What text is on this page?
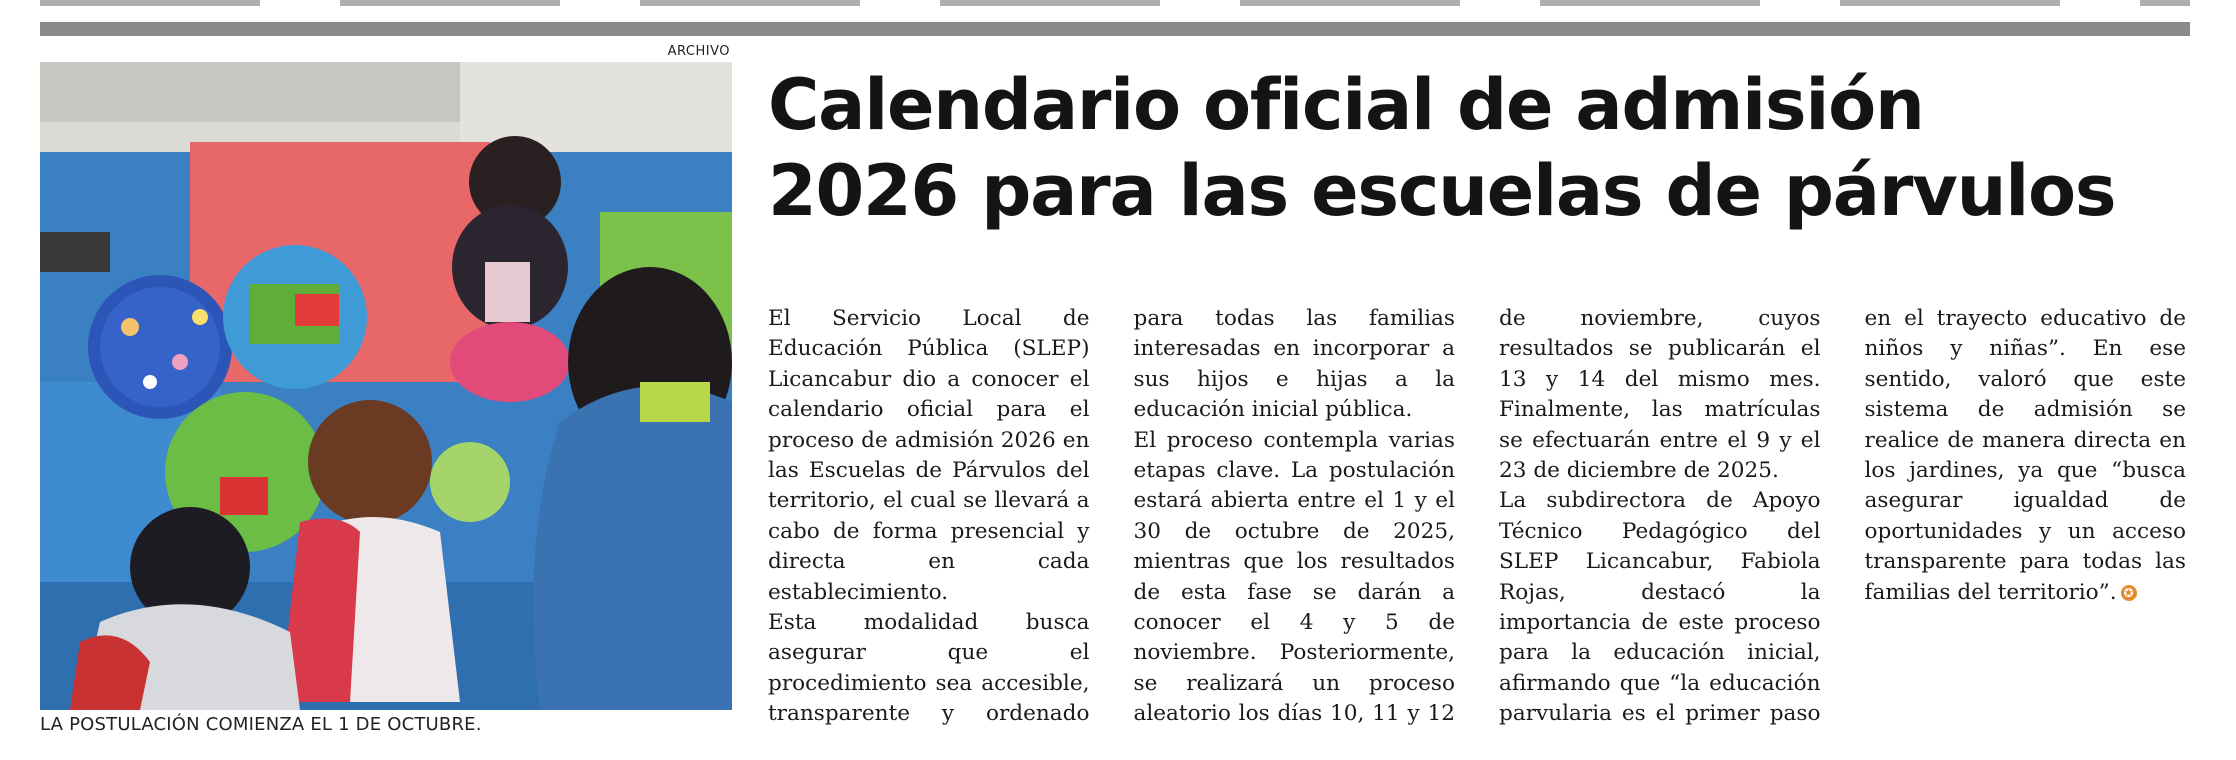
ARCHIVO
LA POSTULACIÓN COMIENZA EL 1 DE OCTUBRE.
Calendario oficial de admisión
2026 para las escuelas de párvulos

El Servicio Local de Educación Pública (SLEP) Licancabur dio a conocer el calendario oficial para el proceso de admisión 2026 en las Escuelas de Párvulos del territorio, el cual se llevará a cabo de forma presencial y directa en cada establecimiento.

Esta modalidad busca asegurar que el procedimiento sea accesible, transparente y ordenado para todas las familias interesadas en incorporar a sus hijos e hijas a la educación inicial pública.

El proceso contempla varias etapas clave. La postulación estará abierta entre el 1 y el 30 de octubre de 2025, mientras que los resultados de esta fase se darán a conocer el 4 y 5 de noviembre. Posteriormente, se realizará un proceso aleatorio los días 10, 11 y 12 de noviembre, cuyos resultados se publicarán el 13 y 14 del mismo mes. Finalmente, las matrículas se efectuarán entre el 9 y el 23 de diciembre de 2025.

La subdirectora de Apoyo Técnico Pedagógico del SLEP Licancabur, Fabiola Rojas, destacó la importancia de este proceso para la educación inicial, afirmando que “la educación parvularia es el primer paso en el trayecto educativo de niños y niñas”. En ese sentido, valoró que este sistema de admisión se realice de manera directa en los jardines, ya que “busca asegurar igualdad de oportunidades y un acceso transparente para todas las familias del territorio”. ✪
